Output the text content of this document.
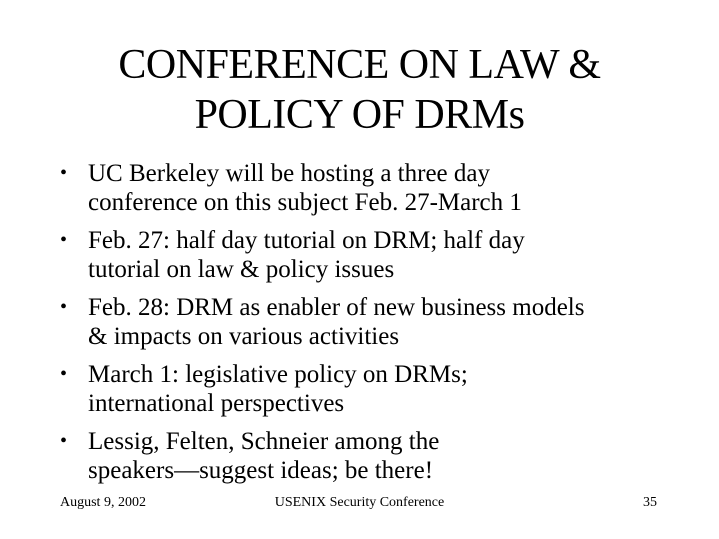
CONFERENCE ON LAW &
POLICY OF DRMs
• UC Berkeley will be hosting a three day
conference on this subject Feb. 27-March 1
• Feb. 27: half day tutorial on DRM; half day
tutorial on law & policy issues
• Feb. 28: DRM as enabler of new business models
& impacts on various activities
• March 1: legislative policy on DRMs;
international perspectives
• Lessig, Felten, Schneier among the
speakers—suggest ideas; be there!
USENIX Security Conference
August 9, 2002	35
